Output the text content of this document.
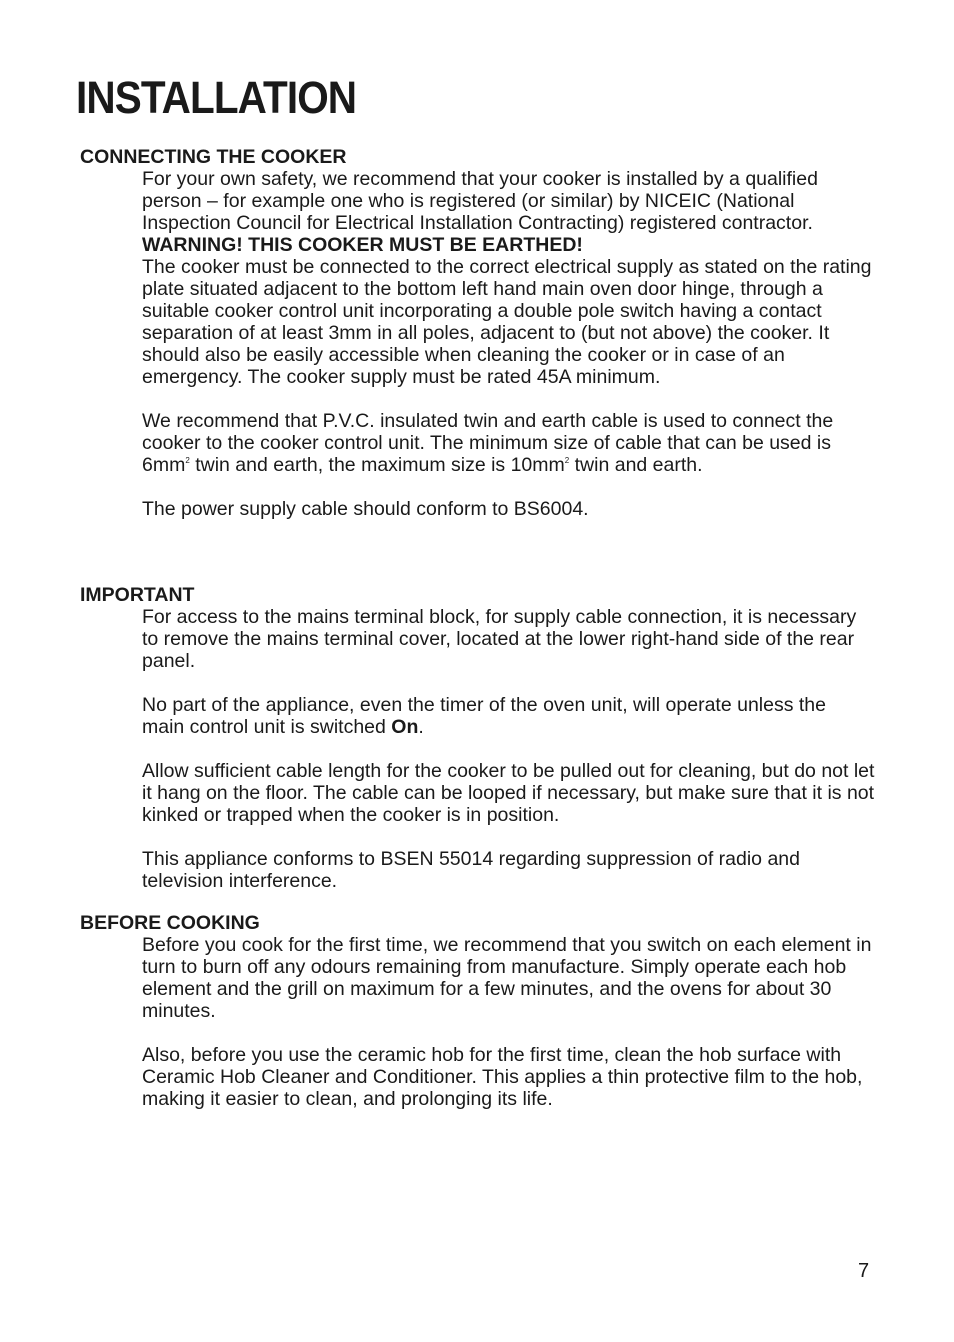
INSTALLATION
CONNECTING THE COOKER

For your own safety, we recommend that your cooker is installed by a qualified person – for example one who is registered (or similar) by NICEIC (National Inspection Council for Electrical Installation Contracting) registered contractor.

WARNING! THIS COOKER MUST BE EARTHED!

The cooker must be connected to the correct electrical supply as stated on the rating plate situated adjacent to the bottom left hand main oven door hinge, through a suitable cooker control unit incorporating a double pole switch having a contact separation of at least 3mm in all poles, adjacent to (but not above) the cooker. It should also be easily accessible when cleaning the cooker or in case of an emergency. The cooker supply must be rated 45A minimum.

We recommend that P.V.C. insulated twin and earth cable is used to connect the cooker to the cooker control unit. The minimum size of cable that can be used is $6mm^2$ twin and earth, the maximum size is $10mm^2$ twin and earth.

The power supply cable should conform to BS6004.

IMPORTANT

For access to the mains terminal block, for supply cable connection, it is necessary to remove the mains terminal cover, located at the lower right-hand side of the rear panel.

No part of the appliance, even the timer of the oven unit, will operate unless the main control unit is switched On.

Allow sufficient cable length for the cooker to be pulled out for cleaning, but do not let it hang on the floor. The cable can be looped if necessary, but make sure that it is not kinked or trapped when the cooker is in position.

This appliance conforms to BSEN 55014 regarding suppression of radio and television interference.

BEFORE COOKING

Before you cook for the first time, we recommend that you switch on each element in turn to burn off any odours remaining from manufacture. Simply operate each hob element and the grill on maximum for a few minutes, and the ovens for about 30 minutes.

Also, before you use the ceramic hob for the first time, clean the hob surface with Ceramic Hob Cleaner and Conditioner. This applies a thin protective film to the hob, making it easier to clean, and prolonging its life.

7
